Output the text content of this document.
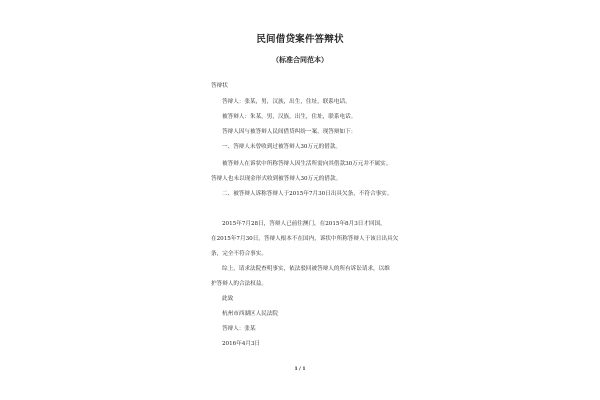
民间借贷案件答辩状
（标准合同范本）
答辩状
答辩人：张某，男，汉族，出生，住址，联系电话。
被答辩人：朱某，男，汉族，出生，住址，联系电话。
答辩人因与被答辩人民间借贷纠纷一案，现答辩如下：
一、答辩人未曾收到过被答辩人30万元的借款。
被答辩人在诉状中所称答辩人因生活所需向其借款30万元并不属实。
答辩人也未以现金形式收到被答辩人30万元的借款。
二、被答辩人诉称答辩人于2015年7月30日出具欠条，不符合事实。
2015年7月28日，答辩人已前往澳门，在2015年8月3日才回国，
在2015年7月30日，答辩人根本不在国内，诉状中所称答辩人于该日出具欠
条，完全不符合事实。
综上，请求法院查明事实，依法驳回被答辩人的所有诉讼请求，以维
护答辩人的合法权益。
此致
杭州市西湖区人民法院
答辩人：张某
2016年4月3日
1 / 1
